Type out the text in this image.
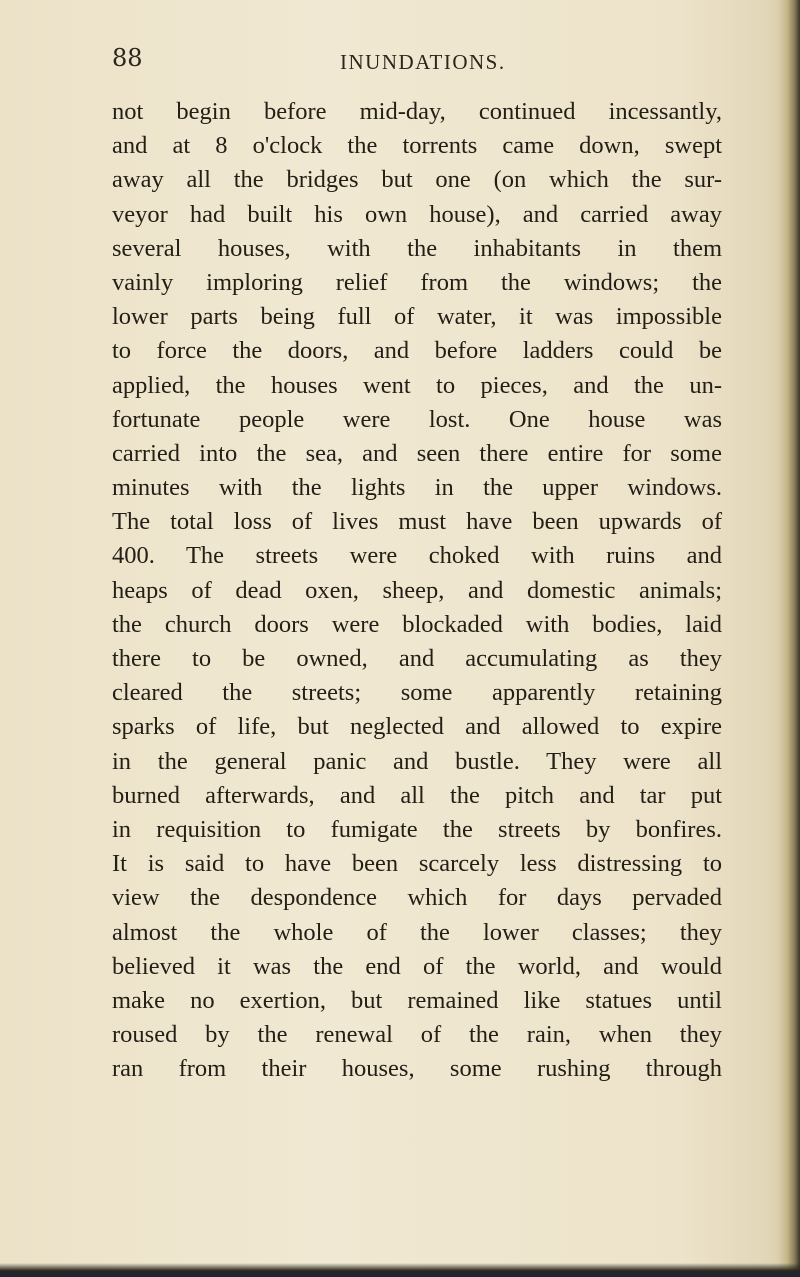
88	INUNDATIONS.

not begin before mid-day, continued incessantly,
and at 8 o'clock the torrents came down, swept
away all the bridges but one (on which the sur-
veyor had built his own house), and carried away
several houses, with the inhabitants in them
vainly imploring relief from the windows; the
lower parts being full of water, it was impossible
to force the doors, and before ladders could be
applied, the houses went to pieces, and the un-
fortunate people were lost. One house was
carried into the sea, and seen there entire for some
minutes with the lights in the upper windows.
The total loss of lives must have been upwards of
400. The streets were choked with ruins and
heaps of dead oxen, sheep, and domestic animals;
the church doors were blockaded with bodies, laid
there to be owned, and accumulating as they
cleared the streets; some apparently retaining
sparks of life, but neglected and allowed to expire
in the general panic and bustle. They were all
burned afterwards, and all the pitch and tar put
in requisition to fumigate the streets by bonfires.
It is said to have been scarcely less distressing to
view the despondence which for days pervaded
almost the whole of the lower classes; they
believed it was the end of the world, and would
make no exertion, but remained like statues until
roused by the renewal of the rain, when they
ran from their houses, some rushing through
